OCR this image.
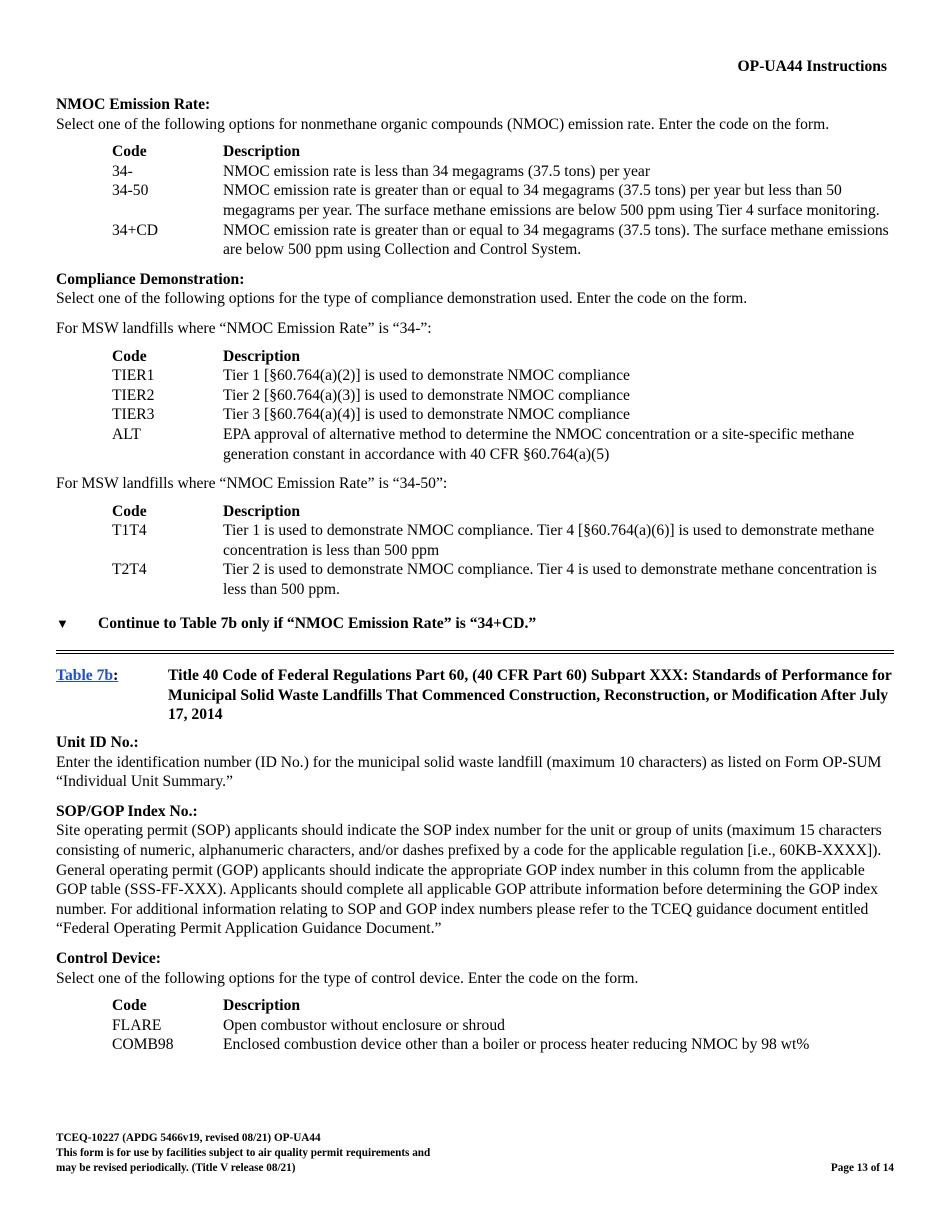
OP-UA44 Instructions

NMOC Emission Rate:

Select one of the following options for nonmethane organic compounds (NMOC) emission rate. Enter the code on the form.

Code	Description
34-	NMOC emission rate is less than 34 megagrams (37.5 tons) per year
34-50	NMOC emission rate is greater than or equal to 34 megagrams (37.5 tons) per year but less than 50 megagrams per year. The surface methane emissions are below 500 ppm using Tier 4 surface monitoring.
34+CD	NMOC emission rate is greater than or equal to 34 megagrams (37.5 tons). The surface methane emissions are below 500 ppm using Collection and Control System.

Compliance Demonstration:

Select one of the following options for the type of compliance demonstration used. Enter the code on the form.

For MSW landfills where “NMOC Emission Rate” is “34-”:

Code	Description
TIER1	Tier 1 [§60.764(a)(2)] is used to demonstrate NMOC compliance
TIER2	Tier 2 [§60.764(a)(3)] is used to demonstrate NMOC compliance
TIER3	Tier 3 [§60.764(a)(4)] is used to demonstrate NMOC compliance
ALT	EPA approval of alternative method to determine the NMOC concentration or a site-specific methane generation constant in accordance with 40 CFR §60.764(a)(5)

For MSW landfills where “NMOC Emission Rate” is “34-50”:

Code	Description
T1T4	Tier 1 is used to demonstrate NMOC compliance. Tier 4 [§60.764(a)(6)] is used to demonstrate methane concentration is less than 500 ppm
T2T4	Tier 2 is used to demonstrate NMOC compliance. Tier 4 is used to demonstrate methane concentration is less than 500 ppm.
▼	Continue to Table 7b only if “NMOC Emission Rate” is “34+CD.”
Table 7b:	Title 40 Code of Federal Regulations Part 60, (40 CFR Part 60) Subpart XXX: Standards of Performance for Municipal Solid Waste Landfills That Commenced Construction, Reconstruction, or Modification After July 17, 2014

Unit ID No.:

Enter the identification number (ID No.) for the municipal solid waste landfill (maximum 10 characters) as listed on Form OP-SUM “Individual Unit Summary.”

SOP/GOP Index No.:

Site operating permit (SOP) applicants should indicate the SOP index number for the unit or group of units (maximum 15 characters consisting of numeric, alphanumeric characters, and/or dashes prefixed by a code for the applicable regulation [i.e., 60KB-XXXX]). General operating permit (GOP) applicants should indicate the appropriate GOP index number in this column from the applicable GOP table (SSS-FF-XXX). Applicants should complete all applicable GOP attribute information before determining the GOP index number. For additional information relating to SOP and GOP index numbers please refer to the TCEQ guidance document entitled “Federal Operating Permit Application Guidance Document.”

Control Device:

Select one of the following options for the type of control device. Enter the code on the form.

Code	Description
FLARE	Open combustor without enclosure or shroud
COMB98	Enclosed combustion device other than a boiler or process heater reducing NMOC by 98 wt%
TCEQ-10227 (APDG 5466v19, revised 08/21) OP-UA44
This form is for use by facilities subject to air quality permit requirements and
may be revised periodically. (Title V release 08/21)	Page 13 of 14
